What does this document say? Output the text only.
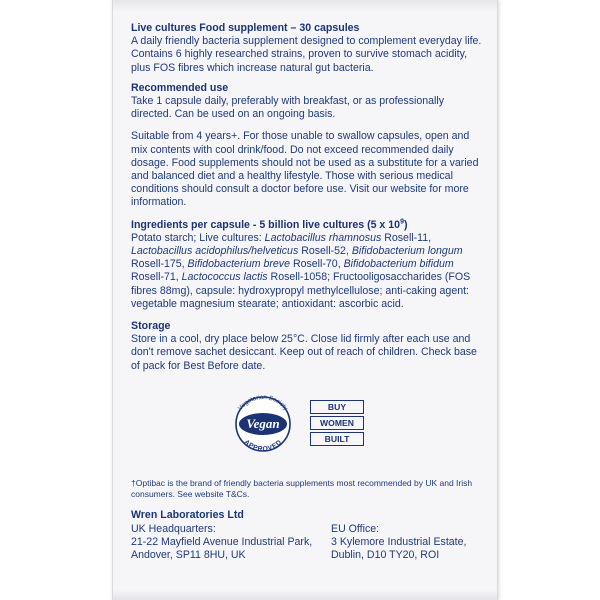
Live cultures Food supplement – 30 capsules

A daily friendly bacteria supplement designed to complement everyday life. Contains 6 highly researched strains, proven to survive stomach acidity, plus FOS fibres which increase natural gut bacteria.

Recommended use

Take 1 capsule daily, preferably with breakfast, or as professionally directed. Can be used on an ongoing basis.

Suitable from 4 years+. For those unable to swallow capsules, open and mix contents with cool drink/food. Do not exceed recommended daily dosage. Food supplements should not be used as a substitute for a varied and balanced diet and a healthy lifestyle. Those with serious medical conditions should consult a doctor before use. Visit our website for more information.

Ingredients per capsule - 5 billion live cultures (5 x $10^9$)

Potato starch; Live cultures: Lactobacillus rhamnosus Rosell-11, Lactobacillus acidophilus/helveticus Rosell-52, Bifidobacterium longum Rosell-175, Bifidobacterium breve Rosell-70, Bifidobacterium bifidum Rosell-71, Lactococcus lactis Rosell-1058; Fructooligosaccharides (FOS fibres 88mg), capsule: hydroxypropyl methylcellulose; anti-caking agent: vegetable magnesium stearate; antioxidant: ascorbic acid.

Storage

Store in a cool, dry place below 25°C. Close lid firmly after each use and don't remove sachet desiccant. Keep out of reach of children. Check base of pack for Best Before date.

†Optibac is the brand of friendly bacteria supplements most recommended by UK and Irish consumers. See website T&Cs.
Wren Laboratories Ltd
UK Headquarters:
21-22 Mayfield Avenue Industrial Park,
Andover, SP11 8HU, UK
EU Office:
3 Kylemore Industrial Estate,
Dublin, D10 TY20, ROI
Vegetarian Society
Vegan
APPROVED
BUY
WOMEN
BUILT
